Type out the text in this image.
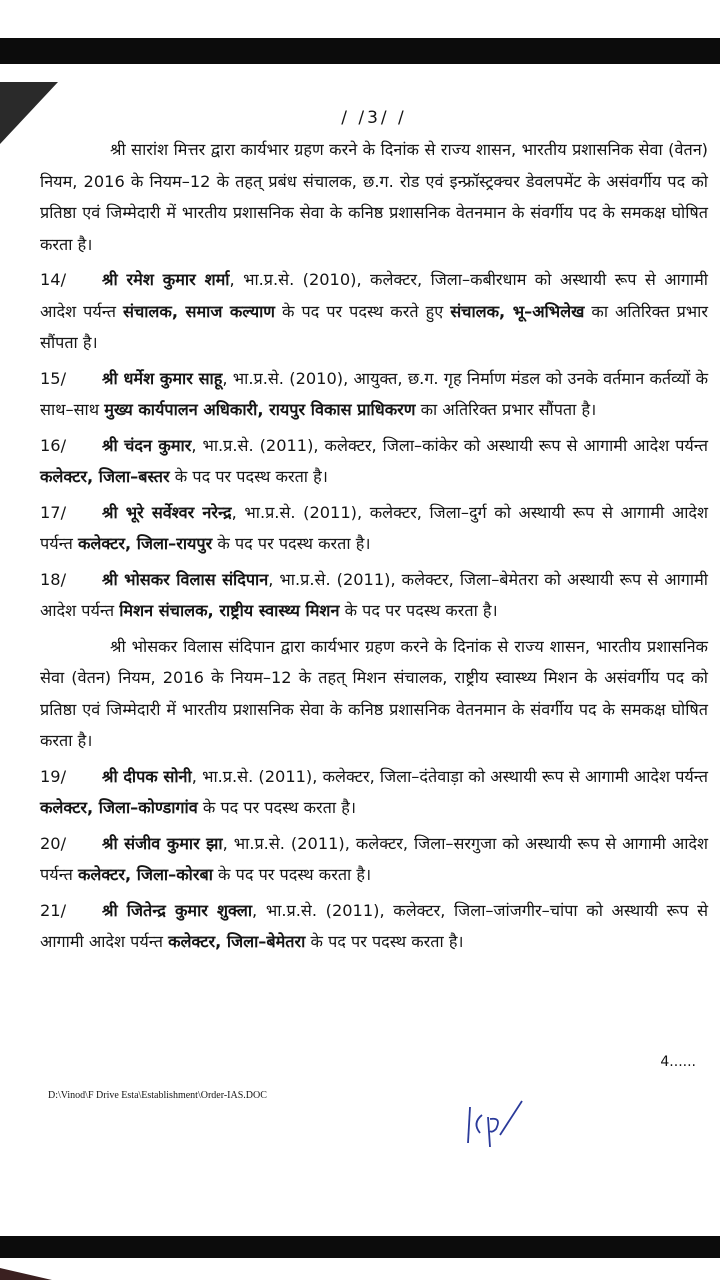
/ /3/ /

श्री सारांश मित्तर द्वारा कार्यभार ग्रहण करने के दिनांक से राज्य शासन, भारतीय प्रशासनिक सेवा (वेतन) नियम, 2016 के नियम–12 के तहत् प्रबंध संचालक, छ.ग. रोड एवं इन्फ्रॉस्ट्रक्चर डेवलपमेंट के असंवर्गीय पद को प्रतिष्ठा एवं जिम्मेदारी में भारतीय प्रशासनिक सेवा के कनिष्ठ प्रशासनिक वेतनमान के संवर्गीय पद के समकक्ष घोषित करता है।

14/ श्री रमेश कुमार शर्मा, भा.प्र.से. (2010), कलेक्टर, जिला–कबीरधाम को अस्थायी रूप से आगामी आदेश पर्यन्त संचालक, समाज कल्याण के पद पर पदस्थ करते हुए संचालक, भू–अभिलेख का अतिरिक्त प्रभार सौंपता है।

15/ श्री धर्मेश कुमार साहू, भा.प्र.से. (2010), आयुक्त, छ.ग. गृह निर्माण मंडल को उनके वर्तमान कर्तव्यों के साथ–साथ मुख्य कार्यपालन अधिकारी, रायपुर विकास प्राधिकरण का अतिरिक्त प्रभार सौंपता है।

16/ श्री चंदन कुमार, भा.प्र.से. (2011), कलेक्टर, जिला–कांकेर को अस्थायी रूप से आगामी आदेश पर्यन्त कलेक्टर, जिला–बस्तर के पद पर पदस्थ करता है।

17/ श्री भूरे सर्वेश्वर नरेन्द्र, भा.प्र.से. (2011), कलेक्टर, जिला–दुर्ग को अस्थायी रूप से आगामी आदेश पर्यन्त कलेक्टर, जिला–रायपुर के पद पर पदस्थ करता है।

18/ श्री भोसकर विलास संदिपान, भा.प्र.से. (2011), कलेक्टर, जिला–बेमेतरा को अस्थायी रूप से आगामी आदेश पर्यन्त मिशन संचालक, राष्ट्रीय स्वास्थ्य मिशन के पद पर पदस्थ करता है।

श्री भोसकर विलास संदिपान द्वारा कार्यभार ग्रहण करने के दिनांक से राज्य शासन, भारतीय प्रशासनिक सेवा (वेतन) नियम, 2016 के नियम–12 के तहत् मिशन संचालक, राष्ट्रीय स्वास्थ्य मिशन के असंवर्गीय पद को प्रतिष्ठा एवं जिम्मेदारी में भारतीय प्रशासनिक सेवा के कनिष्ठ प्रशासनिक वेतनमान के संवर्गीय पद के समकक्ष घोषित करता है।

19/ श्री दीपक सोनी, भा.प्र.से. (2011), कलेक्टर, जिला–दंतेवाड़ा को अस्थायी रूप से आगामी आदेश पर्यन्त कलेक्टर, जिला–कोण्डागांव के पद पर पदस्थ करता है।

20/ श्री संजीव कुमार झा, भा.प्र.से. (2011), कलेक्टर, जिला–सरगुजा को अस्थायी रूप से आगामी आदेश पर्यन्त कलेक्टर, जिला–कोरबा के पद पर पदस्थ करता है।

21/ श्री जितेन्द्र कुमार शुक्ला, भा.प्र.से. (2011), कलेक्टर, जिला–जांजगीर–चांपा को अस्थायी रूप से आगामी आदेश पर्यन्त कलेक्टर, जिला–बेमेतरा के पद पर पदस्थ करता है।

4......
D:\Vinod\F Drive Esta\Establishment\Order-IAS.DOC
